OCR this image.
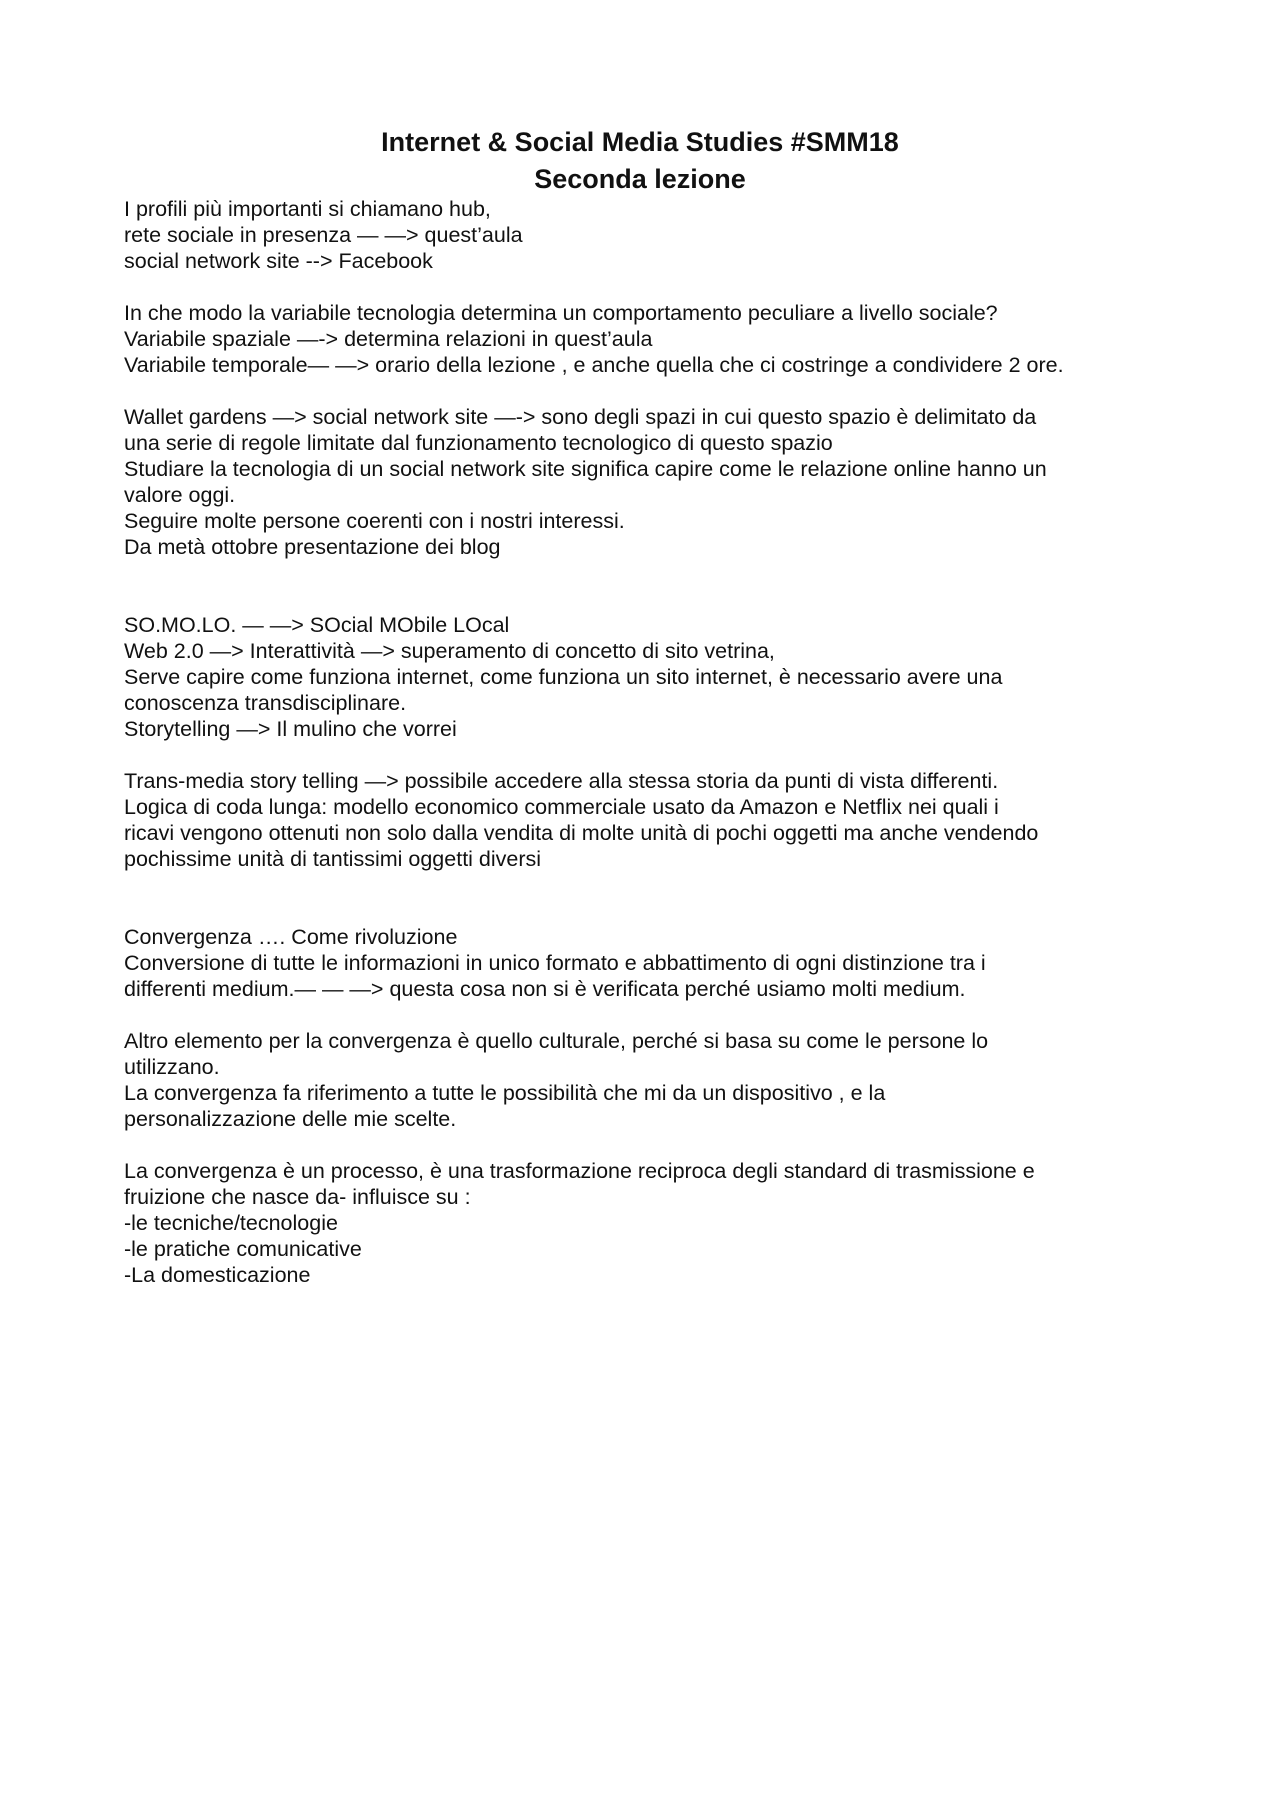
Internet & Social Media Studies #SMM18
Seconda lezione
I profili più importanti si chiamano hub,
rete sociale in presenza — —> quest’aula
social network site --> Facebook
In che modo la variabile tecnologia determina un comportamento peculiare a livello sociale?
Variabile spaziale —-> determina relazioni in quest’aula
Variabile temporale— —> orario della lezione , e anche quella che ci costringe a condividere 2 ore.
Wallet gardens —> social network site —-> sono degli spazi in cui questo spazio è delimitato da
una serie di regole limitate dal funzionamento tecnologico di questo spazio
Studiare la tecnologia di un social network site significa capire come le relazione online hanno un
valore oggi.
Seguire molte persone coerenti con i nostri interessi.
Da metà ottobre presentazione dei blog
SO.MO.LO. — —> SOcial MObile LOcal
Web 2.0 —> Interattività —> superamento di concetto di sito vetrina,
Serve capire come funziona internet, come funziona un sito internet, è necessario avere una
conoscenza transdisciplinare.
Storytelling —> Il mulino che vorrei
Trans-media story telling —> possibile accedere alla stessa storia da punti di vista differenti.
Logica di coda lunga: modello economico commerciale usato da Amazon e Netflix nei quali i
ricavi vengono ottenuti non solo dalla vendita di molte unità di pochi oggetti ma anche vendendo
pochissime unità di tantissimi oggetti diversi
Convergenza …. Come rivoluzione
Conversione di tutte le informazioni in unico formato e abbattimento di ogni distinzione tra i
differenti medium.— — —> questa cosa non si è verificata perché usiamo molti medium.
Altro elemento per la convergenza è quello culturale, perché si basa su come le persone lo
utilizzano.
La convergenza fa riferimento a tutte le possibilità che mi da un dispositivo , e la
personalizzazione delle mie scelte.
La convergenza è un processo, è una trasformazione reciproca degli standard di trasmissione e
fruizione che nasce da- influisce su :
-le tecniche/tecnologie
-le pratiche comunicative
-La domesticazione
